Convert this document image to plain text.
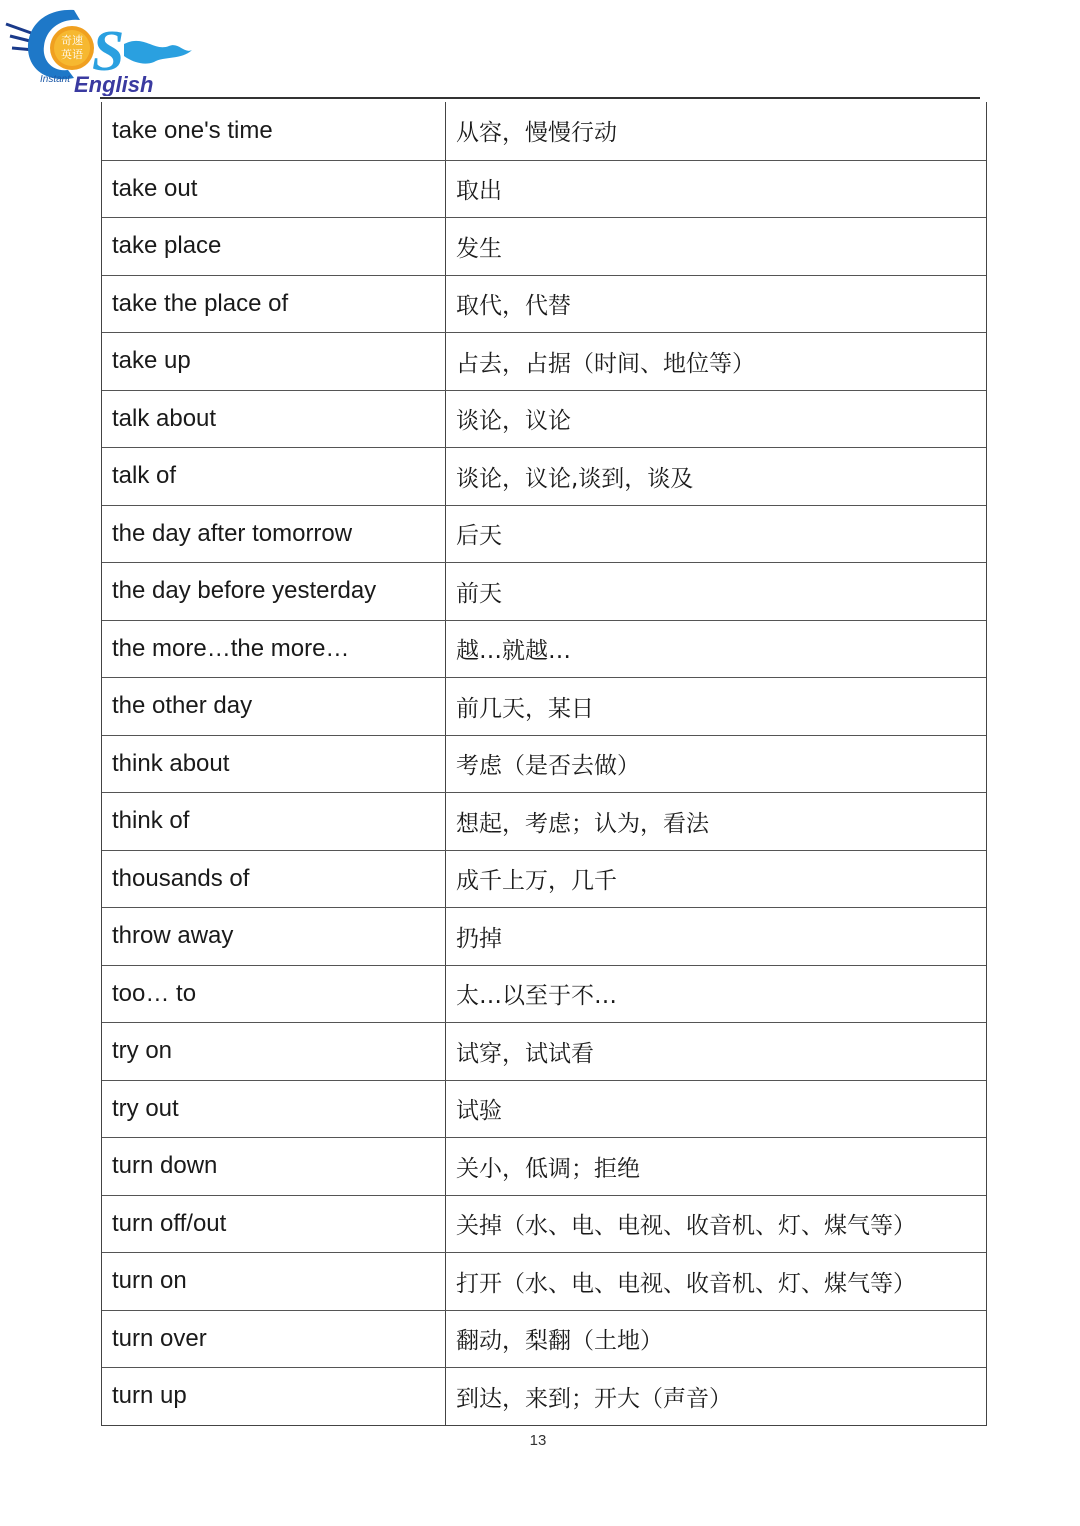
奇速
英语 S
Instant English
take one's time	从容，慢慢行动
take out	取出
take place	发生
take the place of	取代，代替
take up	占去，占据（时间、地位等）
talk about	谈论，议论
talk of	谈论，议论,谈到，谈及
the day after tomorrow	后天
the day before yesterday	前天
the more…the more…	越…就越…
the other day	前几天，某日
think about	考虑（是否去做）
think of	想起，考虑；认为，看法
thousands of	成千上万，几千
throw away	扔掉
too… to	太…以至于不…
try on	试穿，试试看
try out	试验
turn down	关小，低调；拒绝
turn off/out	关掉（水、电、电视、收音机、灯、煤气等）
turn on	打开（水、电、电视、收音机、灯、煤气等）
turn over	翻动，梨翻（土地）
turn up	到达，来到；开大（声音）
13
